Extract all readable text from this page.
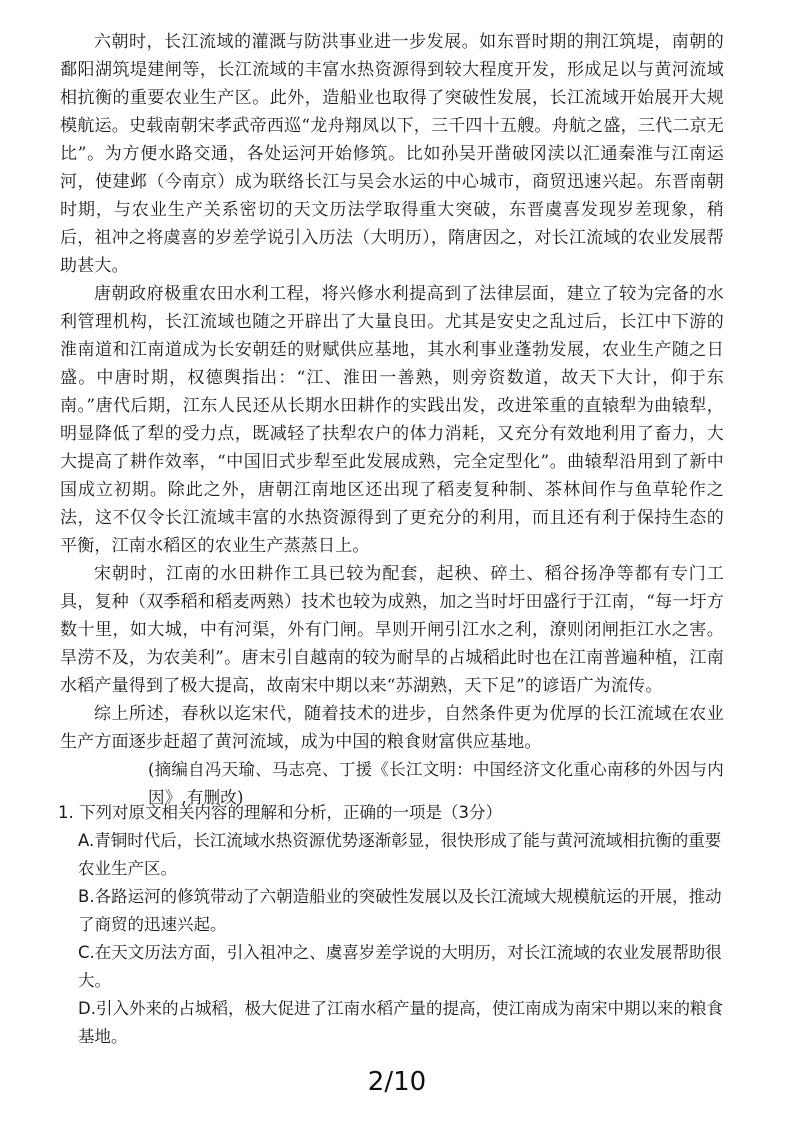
六朝时，长江流域的灌溉与防洪事业进一步发展。如东晋时期的荆江筑堤，南朝的鄱阳湖筑堤建闸等，长江流域的丰富水热资源得到较大程度开发，形成足以与黄河流域相抗衡的重要农业生产区。此外，造船业也取得了突破性发展，长江流域开始展开大规模航运。史载南朝宋孝武帝西巡“龙舟翔凤以下，三千四十五艘。舟航之盛，三代二京无比”。为方便水路交通，各处运河开始修筑。比如孙吴开凿破冈渎以汇通秦淮与江南运河，使建邺（今南京）成为联络长江与吴会水运的中心城市，商贸迅速兴起。东晋南朝时期，与农业生产关系密切的天文历法学取得重大突破，东晋虞喜发现岁差现象，稍后，祖冲之将虞喜的岁差学说引入历法（大明历），隋唐因之，对长江流域的农业发展帮助甚大。

唐朝政府极重农田水利工程，将兴修水利提高到了法律层面，建立了较为完备的水利管理机构，长江流域也随之开辟出了大量良田。尤其是安史之乱过后，长江中下游的淮南道和江南道成为长安朝廷的财赋供应基地，其水利事业蓬勃发展，农业生产随之日盛。中唐时期，权德舆指出：“江、淮田一善熟，则旁资数道，故天下大计，仰于东南。”唐代后期，江东人民还从长期水田耕作的实践出发，改进笨重的直辕犁为曲辕犁，明显降低了犁的受力点，既减轻了扶犁农户的体力消耗，又充分有效地利用了畜力，大大提高了耕作效率，“中国旧式步犁至此发展成熟，完全定型化”。曲辕犁沿用到了新中国成立初期。除此之外，唐朝江南地区还出现了稻麦复种制、茶林间作与鱼草轮作之法，这不仅令长江流域丰富的水热资源得到了更充分的利用，而且还有利于保持生态的平衡，江南水稻区的农业生产蒸蒸日上。

宋朝时，江南的水田耕作工具已较为配套，起秧、碎土、稻谷扬净等都有专门工具，复种（双季稻和稻麦两熟）技术也较为成熟，加之当时圩田盛行于江南，“每一圩方数十里，如大城，中有河渠，外有门闸。旱则开闸引江水之利，潦则闭闸拒江水之害。旱涝不及，为农美利”。唐末引自越南的较为耐旱的占城稻此时也在江南普遍种植，江南水稻产量得到了极大提高，故南宋中期以来“苏湖熟，天下足”的谚语广为流传。

综上所述，春秋以迄宋代，随着技术的进步，自然条件更为优厚的长江流域在农业生产方面逐步赶超了黄河流域，成为中国的粮食财富供应基地。

(摘编自冯天瑜、马志亮、丁援《长江文明：中国经济文化重心南移的外因与内因》,有删改)

1. 下列对原文相关内容的理解和分析，正确的一项是（3分）

A.青铜时代后，长江流域水热资源优势逐渐彰显，很快形成了能与黄河流域相抗衡的重要农业生产区。

B.各路运河的修筑带动了六朝造船业的突破性发展以及长江流域大规模航运的开展，推动了商贸的迅速兴起。

C.在天文历法方面，引入祖冲之、虞喜岁差学说的大明历，对长江流域的农业发展帮助很大。

D.引入外来的占城稻，极大促进了江南水稻产量的提高，使江南成为南宋中期以来的粮食基地。

2/10
